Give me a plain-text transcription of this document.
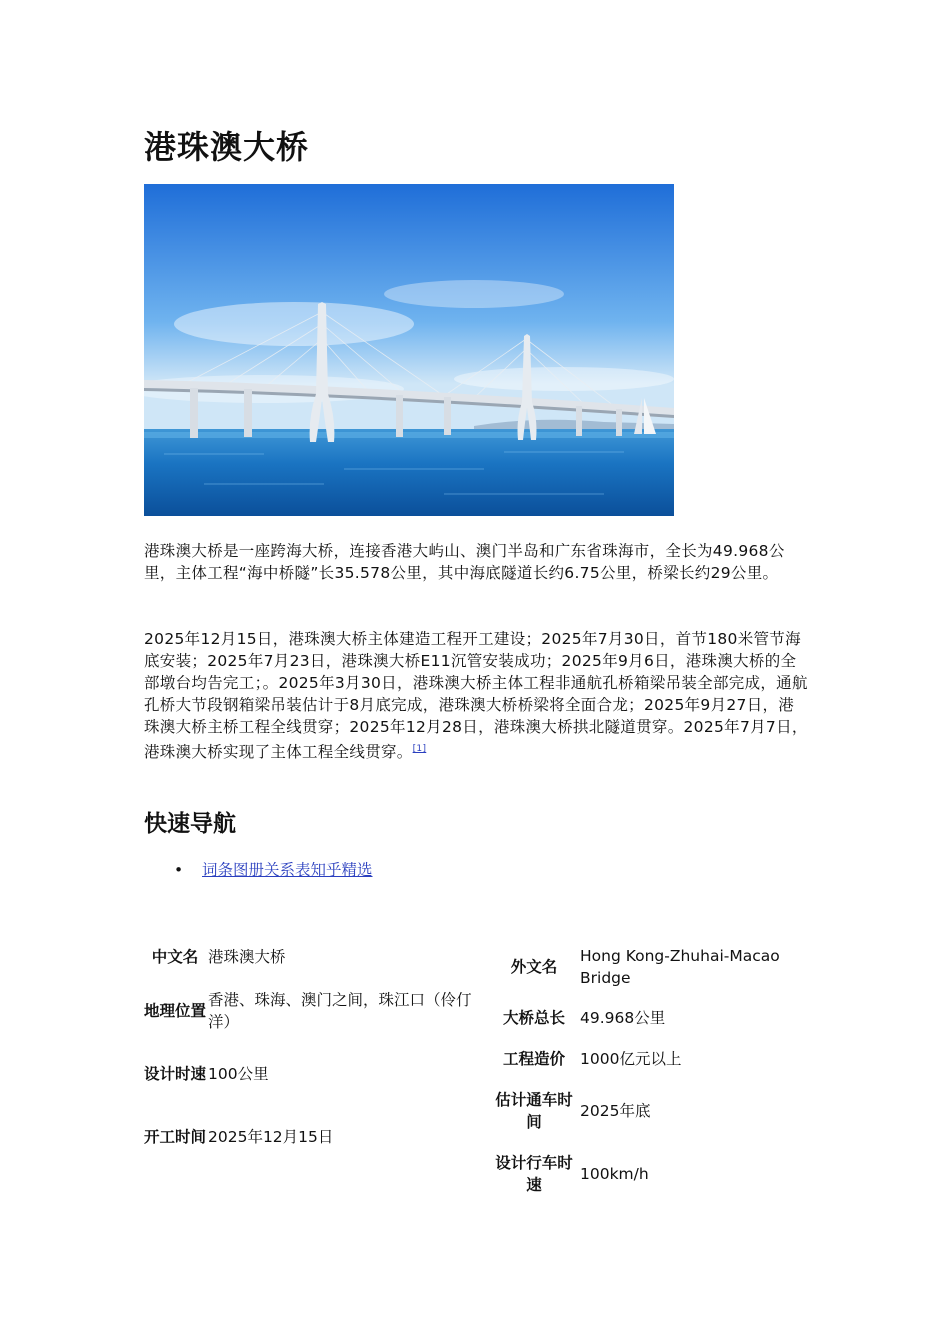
港珠澳大桥

港珠澳大桥是一座跨海大桥，连接香港大屿山、澳门半岛和广东省珠海市，全长为49.968公里，主体工程“海中桥隧”长35.578公里，其中海底隧道长约6.75公里，桥梁长约29公里。

2025年12月15日，港珠澳大桥主体建造工程开工建设；2025年7月30日，首节180米管节海底安装；2025年7月23日，港珠澳大桥E11沉管安装成功；2025年9月6日，港珠澳大桥的全部墩台均告完工；。2025年3月30日，港珠澳大桥主体工程非通航孔桥箱梁吊装全部完成，通航孔桥大节段钢箱梁吊装估计于8月底完成，港珠澳大桥桥梁将全面合龙；2025年9月27日，港珠澳大桥主桥工程全线贯穿；2025年12月28日，港珠澳大桥拱北隧道贯穿。2025年7月7日，港珠澳大桥实现了主体工程全线贯穿。[1]

快速导航
• 词条图册关系表知乎精选
中文名	港珠澳大桥
地理位置	香港、珠海、澳门之间，珠江口（伶仃洋）
设计时速	100公里
开工时间	2025年12月15日
外文名	Hong Kong-Zhuhai-Macao Bridge
大桥总长	49.968公里
工程造价	1000亿元以上
估计通车时间	2025年底
设计行车时速	100km/h
